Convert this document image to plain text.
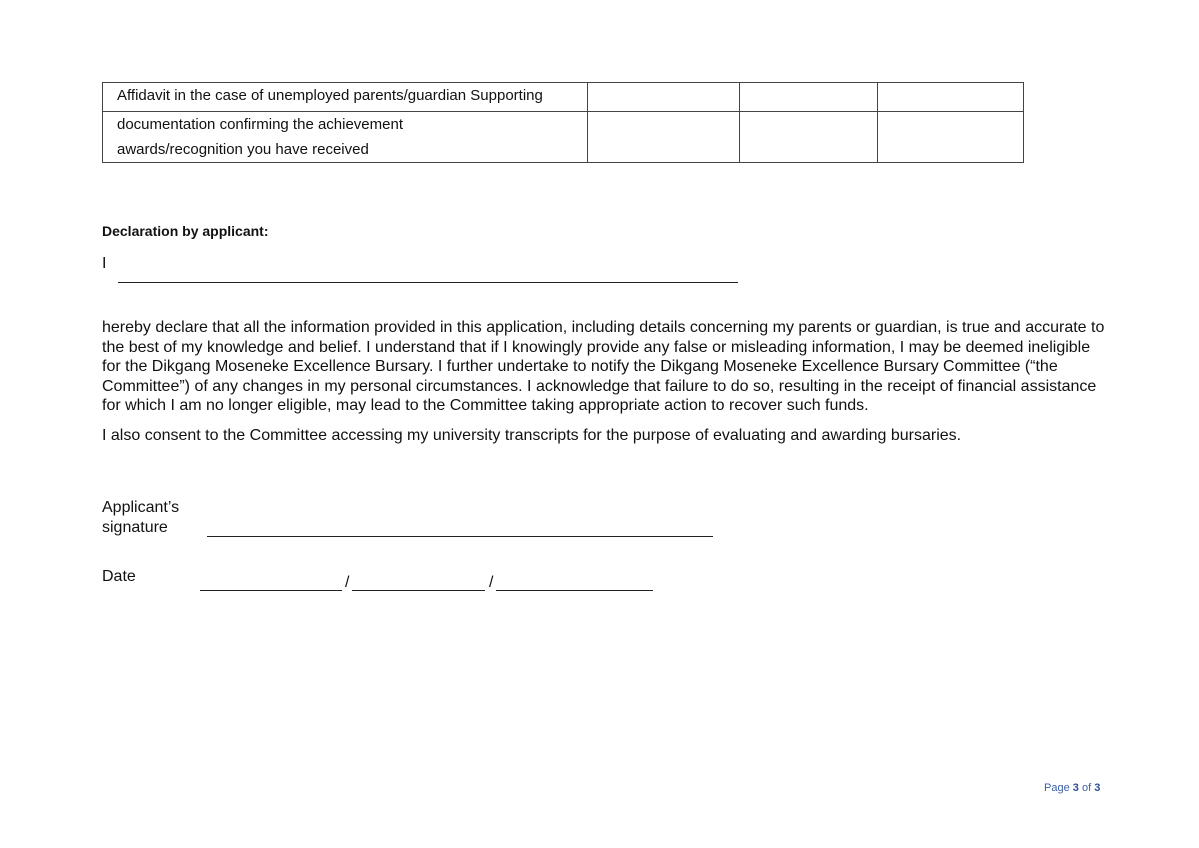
Affidavit in the case of unemployed parents/guardian Supporting			
documentation confirming the achievement
awards/recognition you have received			
Declaration by applicant:
I

hereby declare that all the information provided in this application, including details concerning my parents or guardian, is true and accurate to the best of my knowledge and belief. I understand that if I knowingly provide any false or misleading information, I may be deemed ineligible for the Dikgang Moseneke Excellence Bursary. I further undertake to notify the Dikgang Moseneke Excellence Bursary Committee (“the Committee”) of any changes in my personal circumstances. I acknowledge that failure to do so, resulting in the receipt of financial assistance for which I am no longer eligible, may lead to the Committee taking appropriate action to recover such funds.

I also consent to the Committee accessing my university transcripts for the purpose of evaluating and awarding bursaries.

Applicant’s
signature
Date	/	/
Page 3 of 3
